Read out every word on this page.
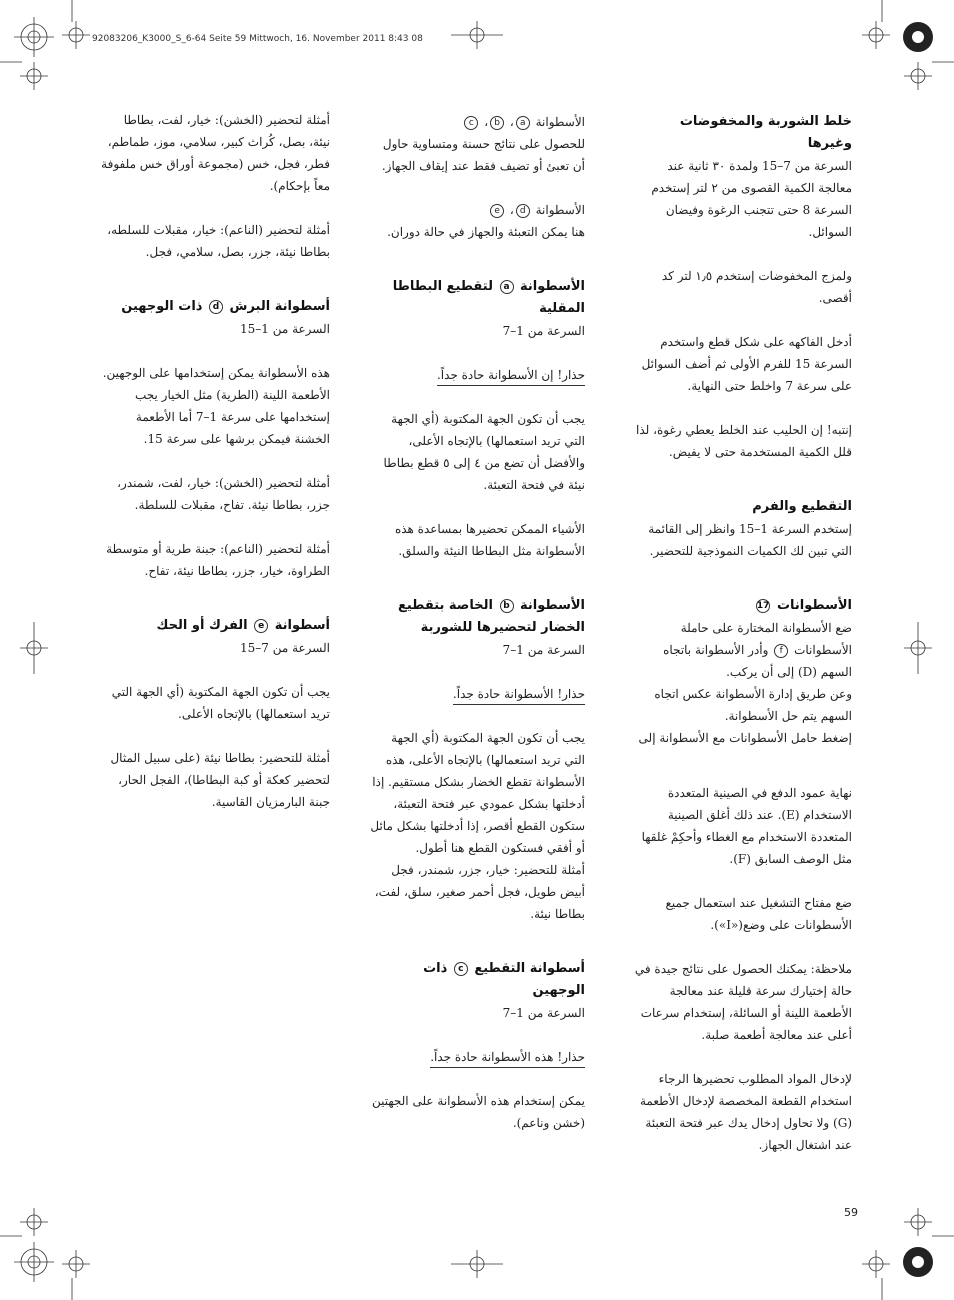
92083206_K3000_S_6-64 Seite 59 Mittwoch, 16. November 2011 8:43 08
خلط الشوربة والمخفوضات وغيرها

السرعة من 7–15 ولمدة ٣٠ ثانية عند معالجة الكمية القصوى من ٢ لتر إستخدم السرعة 8 حتى تتجنب الرغوة وفيضان السوائل.

ولمزج المخفوضات إستخدم ١٫٥ لتر كد أقصى.

أدخل الفاكهه على شكل قطع واستخدم السرعة 15 للفرم الأولى ثم أضف السوائل على سرعة 7 واخلط حتى النهاية.

إنتبه! إن الحليب عند الخلط يعطي رغوة، لذا قلل الكمية المستخدمة حتى لا يفيض.

التقطيع والفرم

إستخدم السرعة 1–15 وانظر إلى القائمة التي تبين لك الكميات النموذجية للتحضير.

الأسطوانات 17

ضع الأسطوانة المختارة على حاملة الأسطوانات f وأدر الأسطوانة باتجاه السهم (D) إلى أن يركب.

وعن طريق إدارة الأسطوانة عكس اتجاه السهم يتم حل الأسطوانة.

إضغط حامل الأسطوانات مع الأسطوانة إلى

نهاية عمود الدفع في الصينية المتعددة الاستخدام (E). عند ذلك أغلق الصينية المتعددة الاستخدام مع الغطاء وأحكِمْ غلقها مثل الوصف السابق (F).

ضع مفتاح التشغيل عند استعمال جميع الأسطوانات على وضع(«I»).

ملاحظة: يمكنك الحصول على نتائج جيدة في حالة إختيارك سرعة قليلة عند معالجة الأطعمة اللينة أو السائلة، إستخدام سرعات أعلى عند معالجة أطعمة صلبة.

لإدخال المواد المطلوب تحضيرها الرجاء استخدام القطعة المخصصة لإدخال الأطعمة (G) ولا تحاول إدخال يدك عبر فتحة التعبئة عند اشتغال الجهاز.

الأسطوانة a، b، c

للحصول على نتائج حسنة ومتساوية حاول أن تعبئ أو تضيف فقط عند إيقاف الجهاز.

الأسطوانة d، e

هنا يمكن التعبئة والجهاز في حالة دوران.

الأسطوانة a لتقطيع البطاطا المقلية

السرعة من 1–7

حذار! إن الأسطوانة حادة جداً.

يجب أن تكون الجهة المكتوبة (أي الجهة التي تريد استعمالها) بالإتجاه الأعلى، والأفضل أن تضع من ٤ إلى ٥ قطع بطاطا نيئة في فتحة التعبئة.

الأشياء الممكن تحضيرها بمساعدة هذه الأسطوانة مثل البطاطا النيئة والسلق.

الأسطوانة b الخاصة بتقطيع الخضار لتحضيرها للشوربة

السرعة من 1–7

حذار! الأسطوانة حادة جداً.

يجب أن تكون الجهة المكتوبة (أي الجهة التي تريد استعمالها) بالإتجاه الأعلى، هذه الأسطوانة تقطع الخضار بشكل مستقيم. إذا أدخلتها بشكل عمودي عبر فتحة التعبئة، ستكون القطع أقصر، إذا أدخلتها بشكل مائل أو أفقي فستكون القطع هنا أطول.

أمثلة للتحضير: خيار، جزر، شمندر، فجل أبيض طويل، فجل أحمر صغير، سلق، لفت، بطاطا نيئة.

أسطوانة التقطيع c ذات الوجهين

السرعة من 1–7

حذار! هذه الأسطوانة حادة جداً.

يمكن إستخدام هذه الأسطوانة على الجهتين (خشن وناعم).

أمثلة لتحضير (الخشن): خيار، لفت، بطاطا نيئة، بصل، كُراث كبير، سلامي، موز، طماطم، فطر، فجل، خس (مجموعة أوراق خس ملفوفة معاً بإحكام).

أمثلة لتحضير (الناعم): خيار، مقبلات للسلطه، بطاطا نيئة، جزر، بصل، سلامي، فجل.

أسطوانة البرش d ذات الوجهين

السرعة من 1–15

هذه الأسطوانة يمكن إستخدامها على الوجهين. الأطعمة اللينة (الطرية) مثل الخيار يجب إستخدامها على سرعة 1–7 أما الأطعمة الخشنة فيمكن برشها على سرعة 15.

أمثلة لتحضير (الخشن): خيار، لفت، شمندر، جزر، بطاطا نيئة. تفاح، مقبلات للسلطة.

أمثلة لتحضير (الناعم): جبنة طرية أو متوسطة الطراوة، خيار، جزر، بطاطا نيئة، تفاح.

أسطوانة e الفرك أو الحك

السرعة من 7–15

يجب أن تكون الجهة المكتوبة (أي الجهة التي تريد استعمالها) بالإتجاه الأعلى.

أمثلة للتحضير: بطاطا نيئة (على سبيل المثال لتحضير كعكة أو كبة البطاطا)، الفجل الحار، جبنة البارمزيان القاسية.

59
